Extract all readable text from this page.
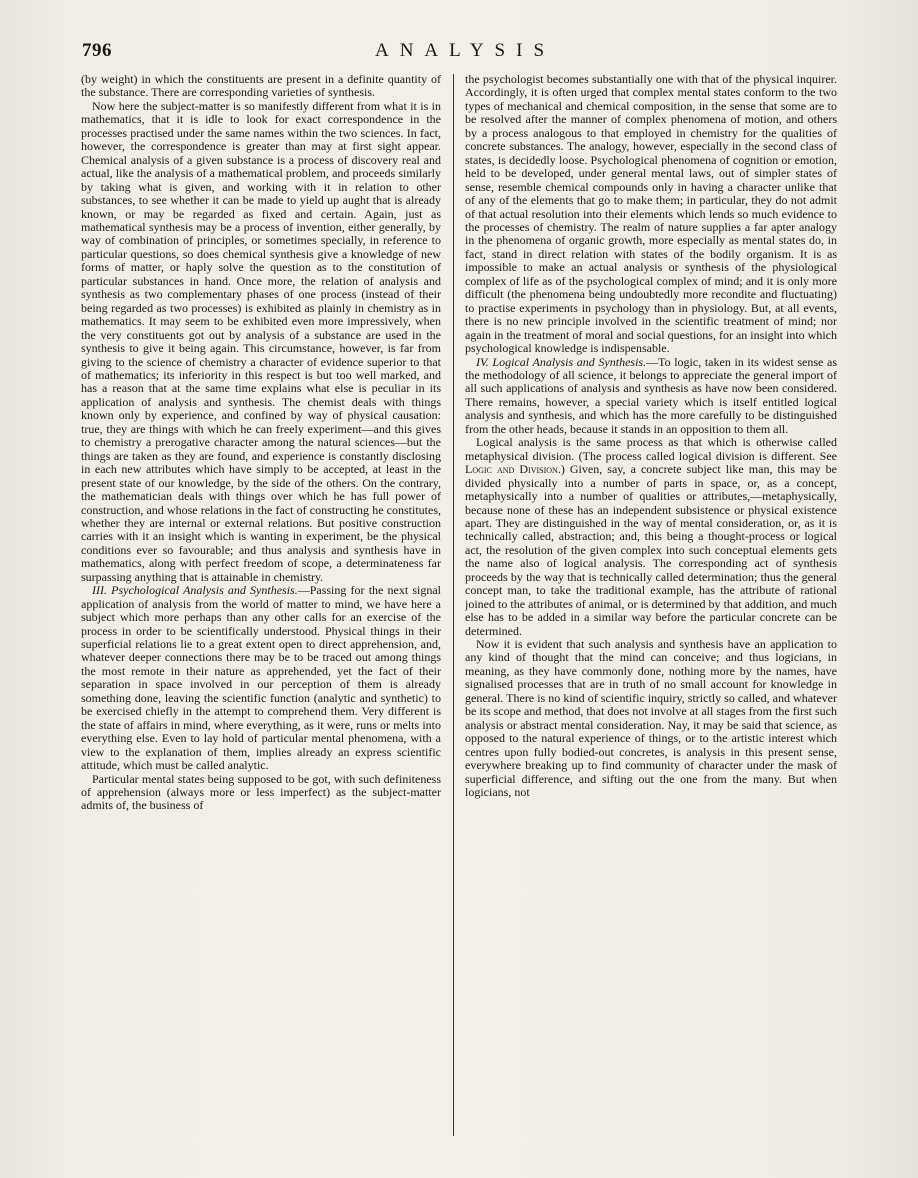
796	ANALYSIS

(by weight) in which the constituents are present in a definite quantity of the substance. There are corresponding varieties of synthesis.

Now here the subject-matter is so manifestly different from what it is in mathematics, that it is idle to look for exact correspondence in the processes practised under the same names within the two sciences. In fact, however, the correspondence is greater than may at first sight appear. Chemical analysis of a given substance is a process of discovery real and actual, like the analysis of a mathematical problem, and proceeds similarly by taking what is given, and working with it in relation to other substances, to see whether it can be made to yield up aught that is already known, or may be regarded as fixed and certain. Again, just as mathematical synthesis may be a process of invention, either generally, by way of combination of principles, or sometimes specially, in reference to particular questions, so does chemical synthesis give a knowledge of new forms of matter, or haply solve the question as to the constitution of particular substances in hand. Once more, the relation of analysis and synthesis as two complementary phases of one process (instead of their being regarded as two processes) is exhibited as plainly in chemistry as in mathematics. It may seem to be exhibited even more impressively, when the very constituents got out by analysis of a substance are used in the synthesis to give it being again. This circumstance, however, is far from giving to the science of chemistry a character of evidence superior to that of mathematics; its inferiority in this respect is but too well marked, and has a reason that at the same time explains what else is peculiar in its application of analysis and synthesis. The chemist deals with things known only by experience, and confined by way of physical causation: true, they are things with which he can freely experiment—and this gives to chemistry a prerogative character among the natural sciences—but the things are taken as they are found, and experience is constantly disclosing in each new attributes which have simply to be accepted, at least in the present state of our knowledge, by the side of the others. On the contrary, the mathematician deals with things over which he has full power of construction, and whose relations in the fact of constructing he constitutes, whether they are internal or external relations. But positive construction carries with it an insight which is wanting in experiment, be the physical conditions ever so favourable; and thus analysis and synthesis have in mathematics, along with perfect freedom of scope, a determinateness far surpassing anything that is attainable in chemistry.

III. Psychological Analysis and Synthesis.—Passing for the next signal application of analysis from the world of matter to mind, we have here a subject which more perhaps than any other calls for an exercise of the process in order to be scientifically understood. Physical things in their superficial relations lie to a great extent open to direct apprehension, and, whatever deeper connections there may be to be traced out among things the most remote in their nature as apprehended, yet the fact of their separation in space involved in our perception of them is already something done, leaving the scientific function (analytic and synthetic) to be exercised chiefly in the attempt to comprehend them. Very different is the state of affairs in mind, where everything, as it were, runs or melts into everything else. Even to lay hold of particular mental phenomena, with a view to the explanation of them, implies already an express scientific attitude, which must be called analytic.

Particular mental states being supposed to be got, with such definiteness of apprehension (always more or less imperfect) as the subject-matter admits of, the business of

the psychologist becomes substantially one with that of the physical inquirer. Accordingly, it is often urged that complex mental states conform to the two types of mechanical and chemical composition, in the sense that some are to be resolved after the manner of complex phenomena of motion, and others by a process analogous to that employed in chemistry for the qualities of concrete substances. The analogy, however, especially in the second class of states, is decidedly loose. Psychological phenomena of cognition or emotion, held to be developed, under general mental laws, out of simpler states of sense, resemble chemical compounds only in having a character unlike that of any of the elements that go to make them; in particular, they do not admit of that actual resolution into their elements which lends so much evidence to the processes of chemistry. The realm of nature supplies a far apter analogy in the phenomena of organic growth, more especially as mental states do, in fact, stand in direct relation with states of the bodily organism. It is as impossible to make an actual analysis or synthesis of the physiological complex of life as of the psychological complex of mind; and it is only more difficult (the phenomena being undoubtedly more recondite and fluctuating) to practise experiments in psychology than in physiology. But, at all events, there is no new principle involved in the scientific treatment of mind; nor again in the treatment of moral and social questions, for an insight into which psychological knowledge is indispensable.

IV. Logical Analysis and Synthesis.—To logic, taken in its widest sense as the methodology of all science, it belongs to appreciate the general import of all such applications of analysis and synthesis as have now been considered. There remains, however, a special variety which is itself entitled logical analysis and synthesis, and which has the more carefully to be distinguished from the other heads, because it stands in an opposition to them all.

Logical analysis is the same process as that which is otherwise called metaphysical division. (The process called logical division is different. See Logic and Division.) Given, say, a concrete subject like man, this may be divided physically into a number of parts in space, or, as a concept, metaphysically into a number of qualities or attributes,—metaphysically, because none of these has an independent subsistence or physical existence apart. They are distinguished in the way of mental consideration, or, as it is technically called, abstraction; and, this being a thought-process or logical act, the resolution of the given complex into such conceptual elements gets the name also of logical analysis. The corresponding act of synthesis proceeds by the way that is technically called determination; thus the general concept man, to take the traditional example, has the attribute of rational joined to the attributes of animal, or is determined by that addition, and much else has to be added in a similar way before the particular concrete can be determined.

Now it is evident that such analysis and synthesis have an application to any kind of thought that the mind can conceive; and thus logicians, in meaning, as they have commonly done, nothing more by the names, have signalised processes that are in truth of no small account for knowledge in general. There is no kind of scientific inquiry, strictly so called, and whatever be its scope and method, that does not involve at all stages from the first such analysis or abstract mental consideration. Nay, it may be said that science, as opposed to the natural experience of things, or to the artistic interest which centres upon fully bodied-out concretes, is analysis in this present sense, everywhere breaking up to find community of character under the mask of superficial difference, and sifting out the one from the many. But when logicians, not
